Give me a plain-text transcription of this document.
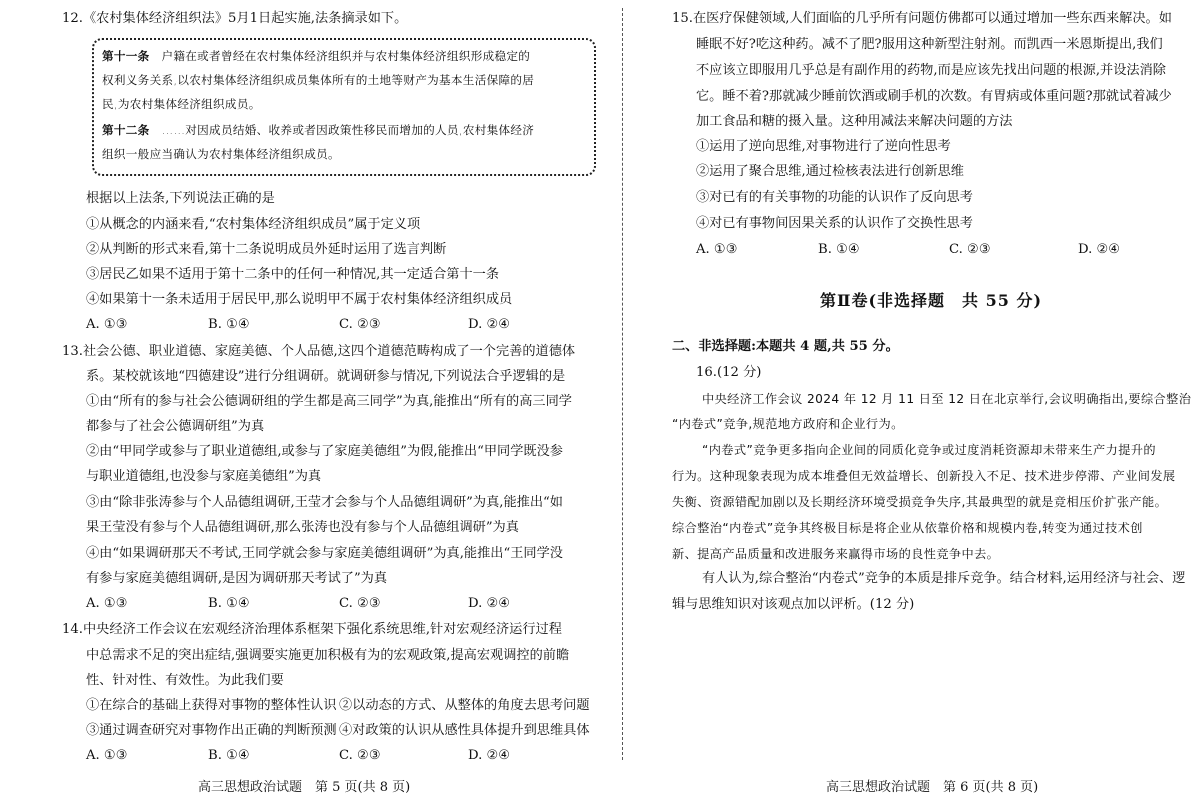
12.《农村集体经济组织法》5月1日起实施,法条摘录如下。
第十一条　 户籍在或者曾经在农村集体经济组织并与农村集体经济组织形成稳定的
权利义务关系,以农村集体经济组织成员集体所有的土地等财产为基本生活保障的居
民,为农村集体经济组织成员。
第十二条　 ……对因成员结婚、收养或者因政策性移民而增加的人员,农村集体经济
组织一般应当确认为农村集体经济组织成员。
根据以上法条,下列说法正确的是
①从概念的内涵来看,“农村集体经济组织成员”属于定义项
②从判断的形式来看,第十二条说明成员外延时运用了选言判断
③居民乙如果不适用于第十二条中的任何一种情况,其一定适合第十一条
④如果第十一条未适用于居民甲,那么说明甲不属于农村集体经济组织成员
A. ①③	B. ①④	C. ②③	D. ②④
13.社会公德、职业道德、家庭美德、个人品德,这四个道德范畴构成了一个完善的道德体
系。某校就该地“四德建设”进行分组调研。就调研参与情况,下列说法合乎逻辑的是
①由“所有的参与社会公德调研组的学生都是高三同学”为真,能推出“所有的高三同学
都参与了社会公德调研组”为真
②由“甲同学或参与了职业道德组,或参与了家庭美德组”为假,能推出“甲同学既没参
与职业道德组,也没参与家庭美德组”为真
③由“除非张涛参与个人品德组调研,王莹才会参与个人品德组调研”为真,能推出“如
果王莹没有参与个人品德组调研,那么张涛也没有参与个人品德组调研”为真
④由“如果调研那天不考试,王同学就会参与家庭美德组调研”为真,能推出“王同学没
有参与家庭美德组调研,是因为调研那天考试了”为真
A. ①③	B. ①④	C. ②③	D. ②④
14.中央经济工作会议在宏观经济治理体系框架下强化系统思维,针对宏观经济运行过程
中总需求不足的突出症结,强调要实施更加积极有为的宏观政策,提高宏观调控的前瞻
性、针对性、有效性。为此我们要
①在综合的基础上获得对事物的整体性认识 ②以动态的方式、从整体的角度去思考问题
③通过调查研究对事物作出正确的判断预测 ④对政策的认识从感性具体提升到思维具体
A. ①③	B. ①④	C. ②③	D. ②④
高三思想政治试题　第 5 页(共 8 页)
15.在医疗保健领域,人们面临的几乎所有问题仿佛都可以通过增加一些东西来解决。如
睡眠不好?吃这种药。减不了肥?服用这种新型注射剂。而凯西一米恩斯提出,我们
不应该立即服用几乎总是有副作用的药物,而是应该先找出问题的根源,并设法消除
它。睡不着?那就减少睡前饮酒或刷手机的次数。有胃病或体重问题?那就试着减少
加工食品和糖的摄入量。这种用减法来解决问题的方法
①运用了逆向思维,对事物进行了逆向性思考
②运用了聚合思维,通过检核表法进行创新思维
③对已有的有关事物的功能的认识作了反向思考
④对已有事物间因果关系的认识作了交换性思考
A. ①③	B. ①④	C. ②③	D. ②④
第Ⅱ卷(非选择题　共 55 分)
二、非选择题:本题共 4 题,共 55 分。
16.(12 分)
中央经济工作会议 2024 年 12 月 11 日至 12 日在北京举行,会议明确指出,要综合整治
“内卷式”竞争,规范地方政府和企业行为。
“内卷式”竞争更多指向企业间的同质化竞争或过度消耗资源却未带来生产力提升的
行为。这种现象表现为成本堆叠但无效益增长、创新投入不足、技术进步停滞、产业间发展
失衡、资源错配加剧以及长期经济环境受损竞争失序,其最典型的就是竞相压价扩张产能。
综合整治“内卷式”竞争其终极目标是将企业从依靠价格和规模内卷,转变为通过技术创
新、提高产品质量和改进服务来赢得市场的良性竞争中去。
有人认为,综合整治“内卷式”竞争的本质是排斥竞争。结合材料,运用经济与社会、逻
辑与思维知识对该观点加以评析。(12 分)
高三思想政治试题　第 6 页(共 8 页)
